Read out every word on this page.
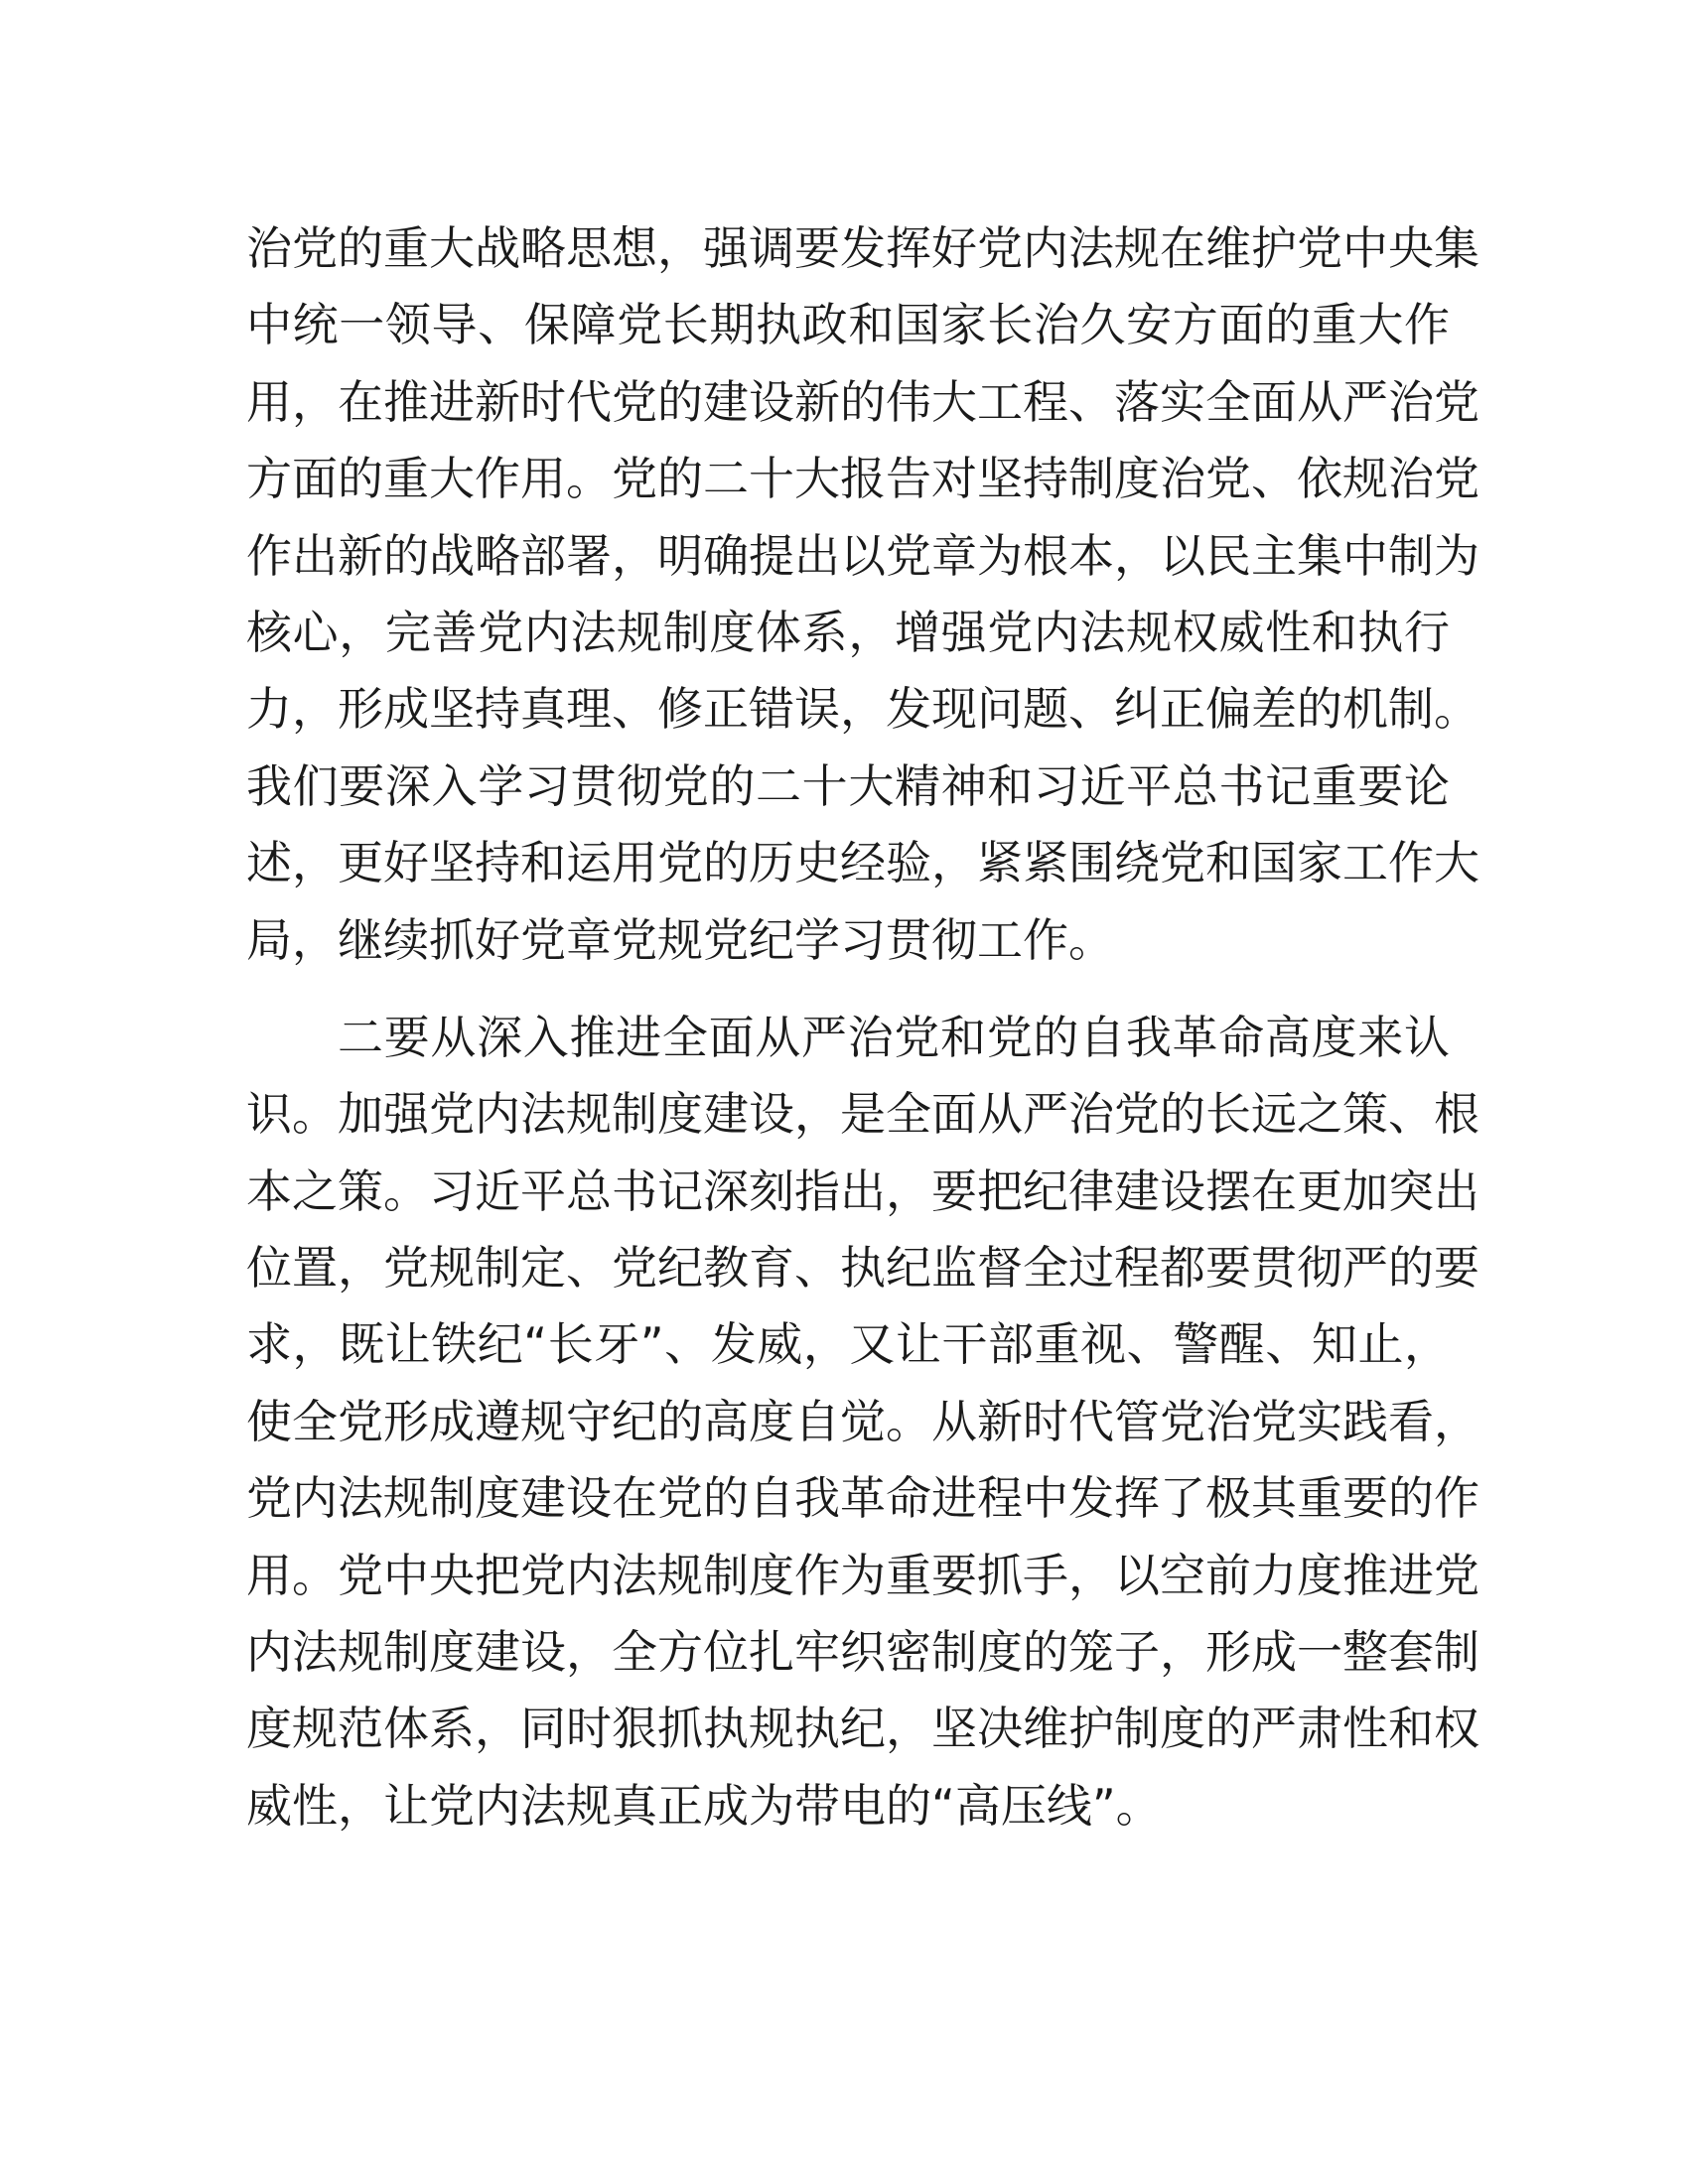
治党的重大战略思想，强调要发挥好党内法规在维护党中央集
中统一领导、保障党长期执政和国家长治久安方面的重大作
用，在推进新时代党的建设新的伟大工程、落实全面从严治党
方面的重大作用。党的二十大报告对坚持制度治党、依规治党
作出新的战略部署，明确提出以党章为根本，以民主集中制为
核心，完善党内法规制度体系，增强党内法规权威性和执行
力，形成坚持真理、修正错误，发现问题、纠正偏差的机制。
我们要深入学习贯彻党的二十大精神和习近平总书记重要论
述，更好坚持和运用党的历史经验，紧紧围绕党和国家工作大
局，继续抓好党章党规党纪学习贯彻工作。

二要从深入推进全面从严治党和党的自我革命高度来认
识。加强党内法规制度建设，是全面从严治党的长远之策、根
本之策。习近平总书记深刻指出，要把纪律建设摆在更加突出
位置，党规制定、党纪教育、执纪监督全过程都要贯彻严的要
求，既让铁纪“长牙”、发威，又让干部重视、警醒、知止，
使全党形成遵规守纪的高度自觉。从新时代管党治党实践看，
党内法规制度建设在党的自我革命进程中发挥了极其重要的作
用。党中央把党内法规制度作为重要抓手，以空前力度推进党
内法规制度建设，全方位扎牢织密制度的笼子，形成一整套制
度规范体系，同时狠抓执规执纪，坚决维护制度的严肃性和权
威性，让党内法规真正成为带电的“高压线”。
